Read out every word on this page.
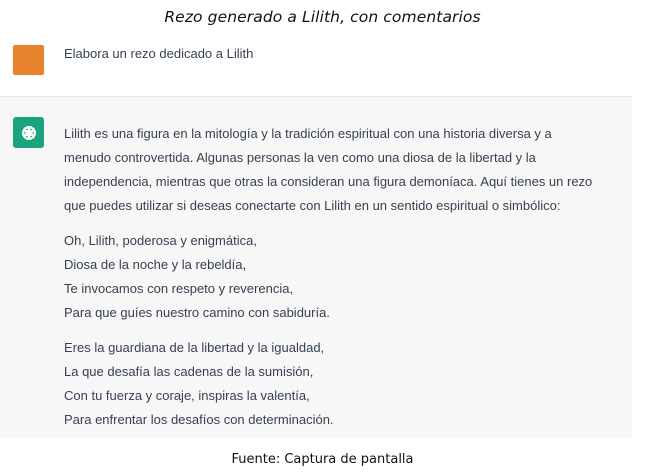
Rezo generado a Lilith, con comentarios
Elabora un rezo dedicado a Lilith
Lilith es una figura en la mitología y la tradición espiritual con una historia diversa y a
menudo controvertida. Algunas personas la ven como una diosa de la libertad y la
independencia, mientras que otras la consideran una figura demoníaca. Aquí tienes un rezo
que puedes utilizar si deseas conectarte con Lilith en un sentido espiritual o simbólico:
Oh, Lilith, poderosa y enigmática,
Diosa de la noche y la rebeldía,
Te invocamos con respeto y reverencia,
Para que guíes nuestro camino con sabiduría.
Eres la guardiana de la libertad y la igualdad,
La que desafía las cadenas de la sumisión,
Con tu fuerza y coraje, inspiras la valentía,
Para enfrentar los desafíos con determinación.
Fuente: Captura de pantalla
